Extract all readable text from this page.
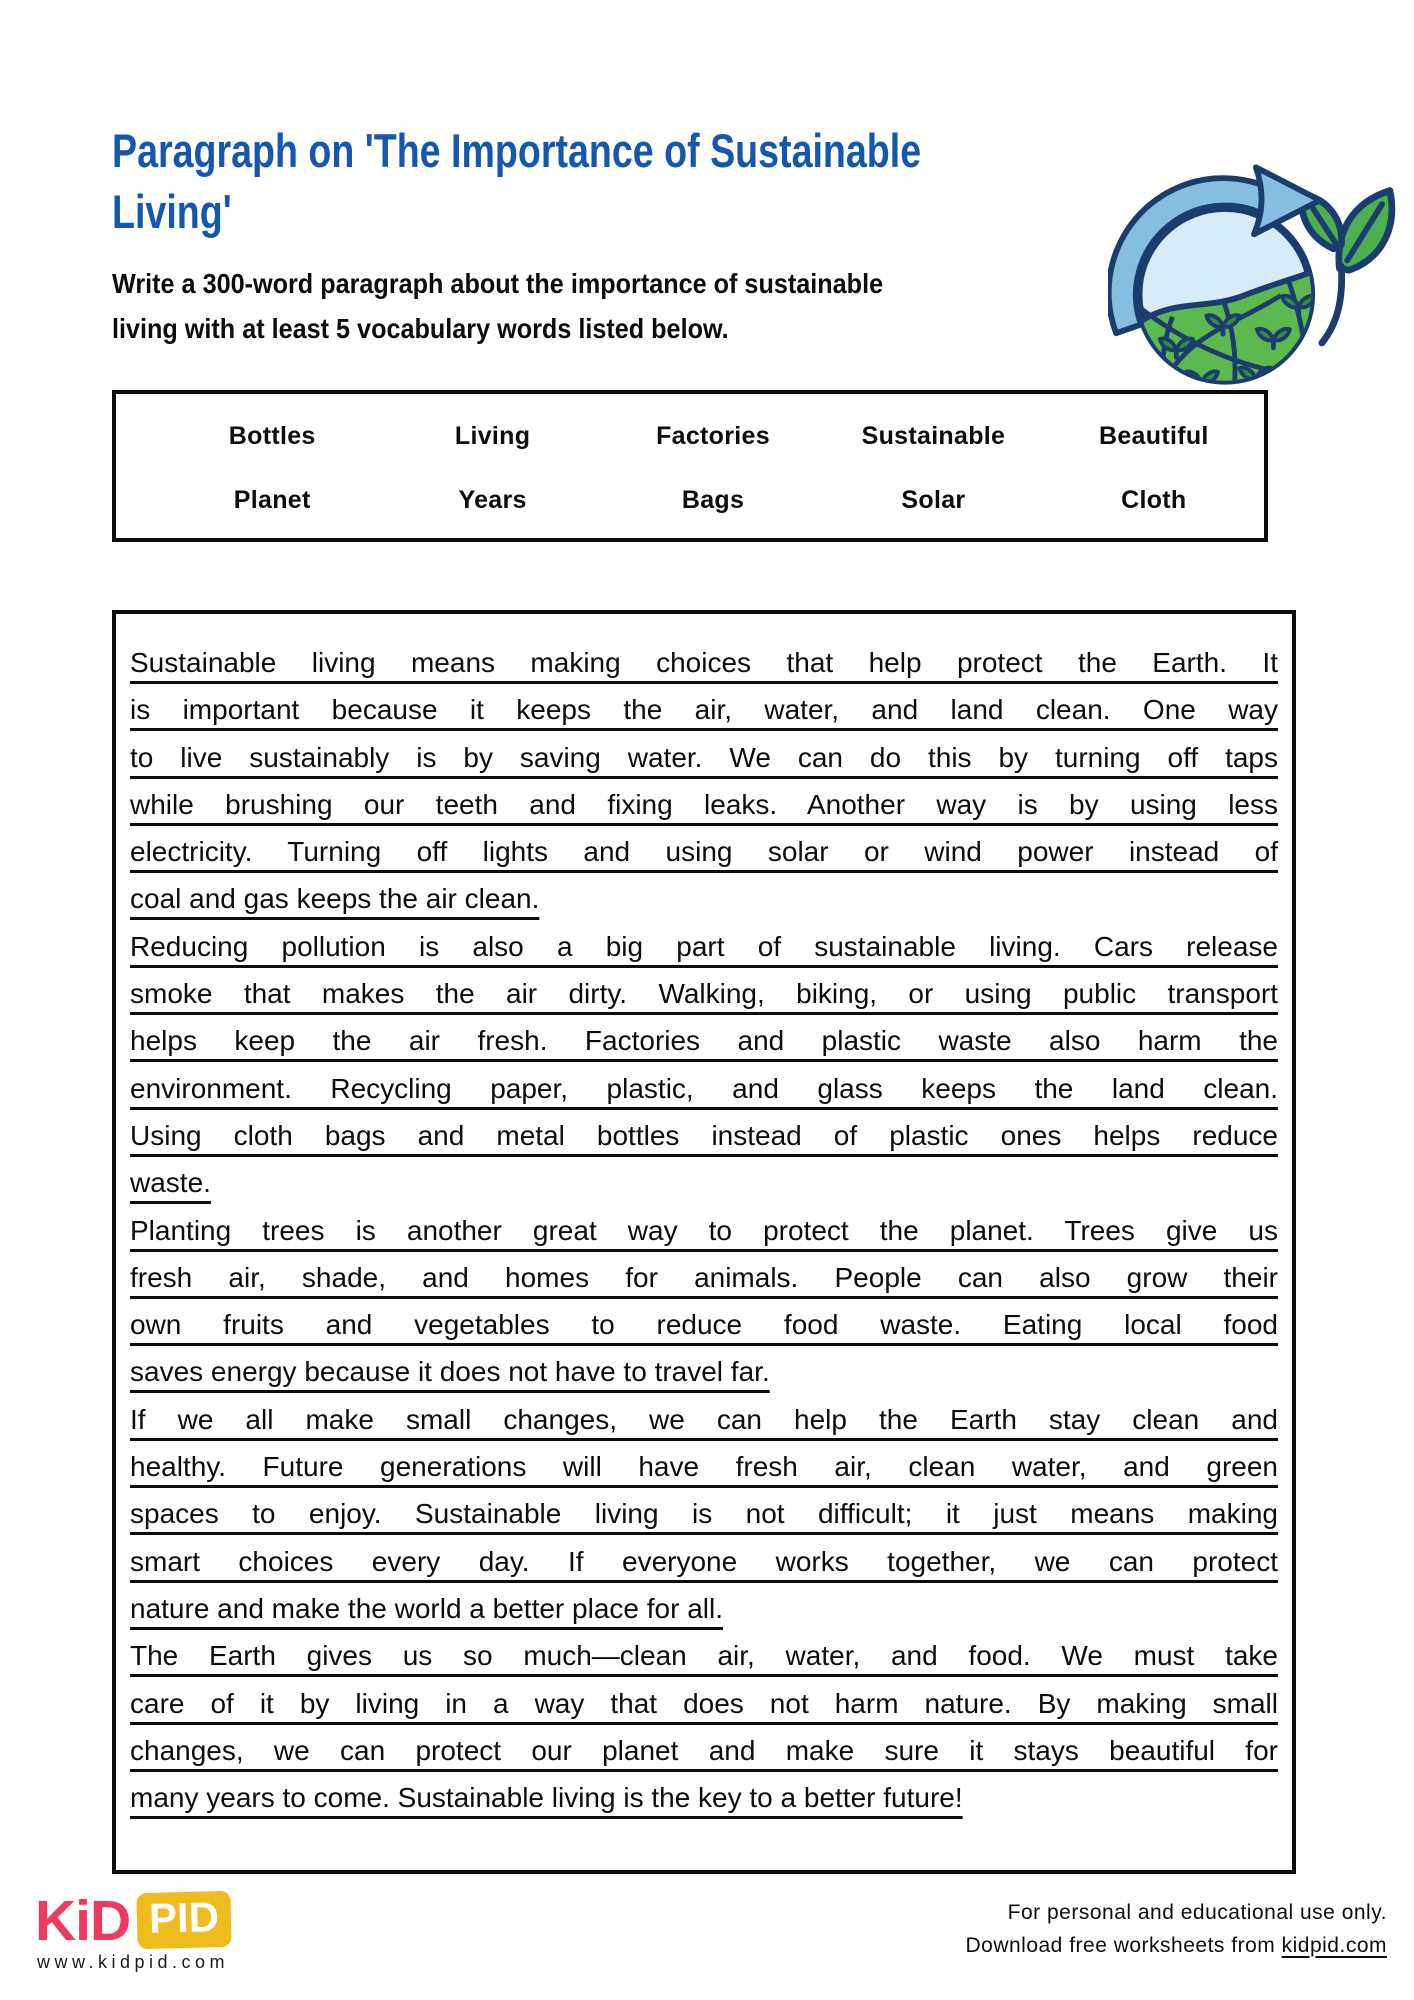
Paragraph on 'The Importance of Sustainable
Living'
Write a 300-word paragraph about the importance of sustainable
living with at least 5 vocabulary words listed below.
Bottles	Living	Factories	Sustainable	Beautiful
Planet	Years	Bags	Solar	Cloth
Sustainable living means making choices that help protect the Earth. It
is important because it keeps the air, water, and land clean. One way
to live sustainably is by saving water. We can do this by turning off taps
while brushing our teeth and fixing leaks. Another way is by using less
electricity. Turning off lights and using solar or wind power instead of
coal and gas keeps the air clean.
Reducing pollution is also a big part of sustainable living. Cars release
smoke that makes the air dirty. Walking, biking, or using public transport
helps keep the air fresh. Factories and plastic waste also harm the
environment. Recycling paper, plastic, and glass keeps the land clean.
Using cloth bags and metal bottles instead of plastic ones helps reduce
waste.
Planting trees is another great way to protect the planet. Trees give us
fresh air, shade, and homes for animals. People can also grow their
own fruits and vegetables to reduce food waste. Eating local food
saves energy because it does not have to travel far.
If we all make small changes, we can help the Earth stay clean and
healthy. Future generations will have fresh air, clean water, and green
spaces to enjoy. Sustainable living is not difficult; it just means making
smart choices every day. If everyone works together, we can protect
nature and make the world a better place for all.
The Earth gives us so much—clean air, water, and food. We must take
care of it by living in a way that does not harm nature. By making small
changes, we can protect our planet and make sure it stays beautiful for
many years to come. Sustainable living is the key to a better future!
KiD PID
www.kidpid.com
For personal and educational use only.
Download free worksheets from kidpid.com
